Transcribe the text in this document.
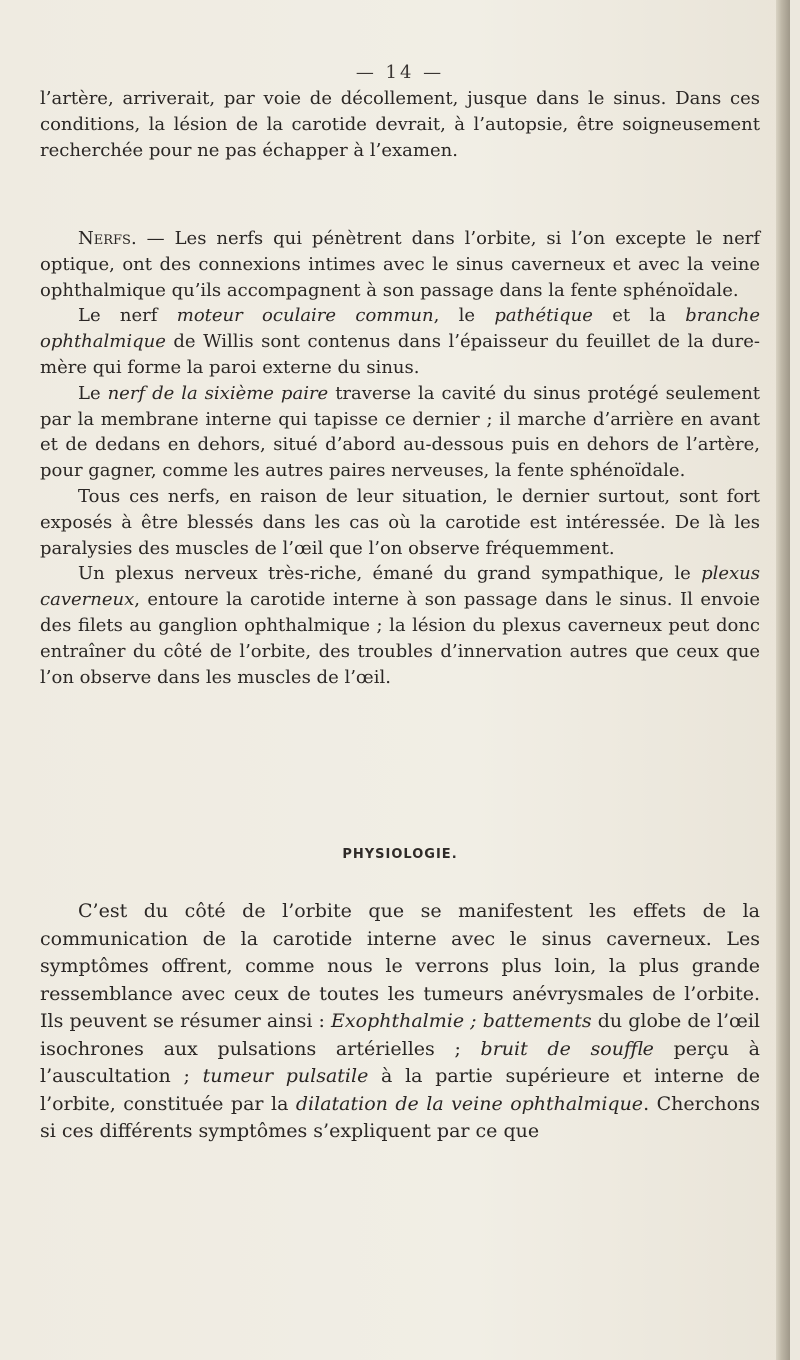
— 14 —

l’artère, arriverait, par voie de décollement, jusque dans le sinus. Dans ces conditions, la lésion de la carotide devrait, à l’autopsie, être soigneusement recherchée pour ne pas échapper à l’examen.

Nerfs. — Les nerfs qui pénètrent dans l’orbite, si l’on excepte le nerf optique, ont des connexions intimes avec le sinus caverneux et avec la veine ophthalmique qu’ils accompagnent à son passage dans la fente sphénoïdale.

Le nerf moteur oculaire commun, le pathétique et la branche ophthalmique de Willis sont contenus dans l’épaisseur du feuillet de la dure-mère qui forme la paroi externe du sinus.

Le nerf de la sixième paire traverse la cavité du sinus protégé seulement par la membrane interne qui tapisse ce dernier ; il marche d’arrière en avant et de dedans en dehors, situé d’abord au-dessous puis en dehors de l’artère, pour gagner, comme les autres paires nerveuses, la fente sphénoïdale.

Tous ces nerfs, en raison de leur situation, le dernier surtout, sont fort exposés à être blessés dans les cas où la carotide est intéressée. De là les paralysies des muscles de l’œil que l’on observe fréquemment.

Un plexus nerveux très-riche, émané du grand sympathique, le plexus caverneux, entoure la carotide interne à son passage dans le sinus. Il envoie des filets au ganglion ophthalmique ; la lésion du plexus caverneux peut donc entraîner du côté de l’orbite, des troubles d’innervation autres que ceux que l’on observe dans les muscles de l’œil.

PHYSIOLOGIE.

C’est du côté de l’orbite que se manifestent les effets de la communication de la carotide interne avec le sinus caverneux. Les symptômes offrent, comme nous le verrons plus loin, la plus grande ressemblance avec ceux de toutes les tumeurs anévrysmales de l’orbite. Ils peuvent se résumer ainsi : Exophthalmie ; battements du globe de l’œil isochrones aux pulsations artérielles ; bruit de souffle perçu à l’auscultation ; tumeur pulsatile à la partie supérieure et interne de l’orbite, constituée par la dilatation de la veine ophthalmique. Cherchons si ces différents symptômes s’expliquent par ce que
